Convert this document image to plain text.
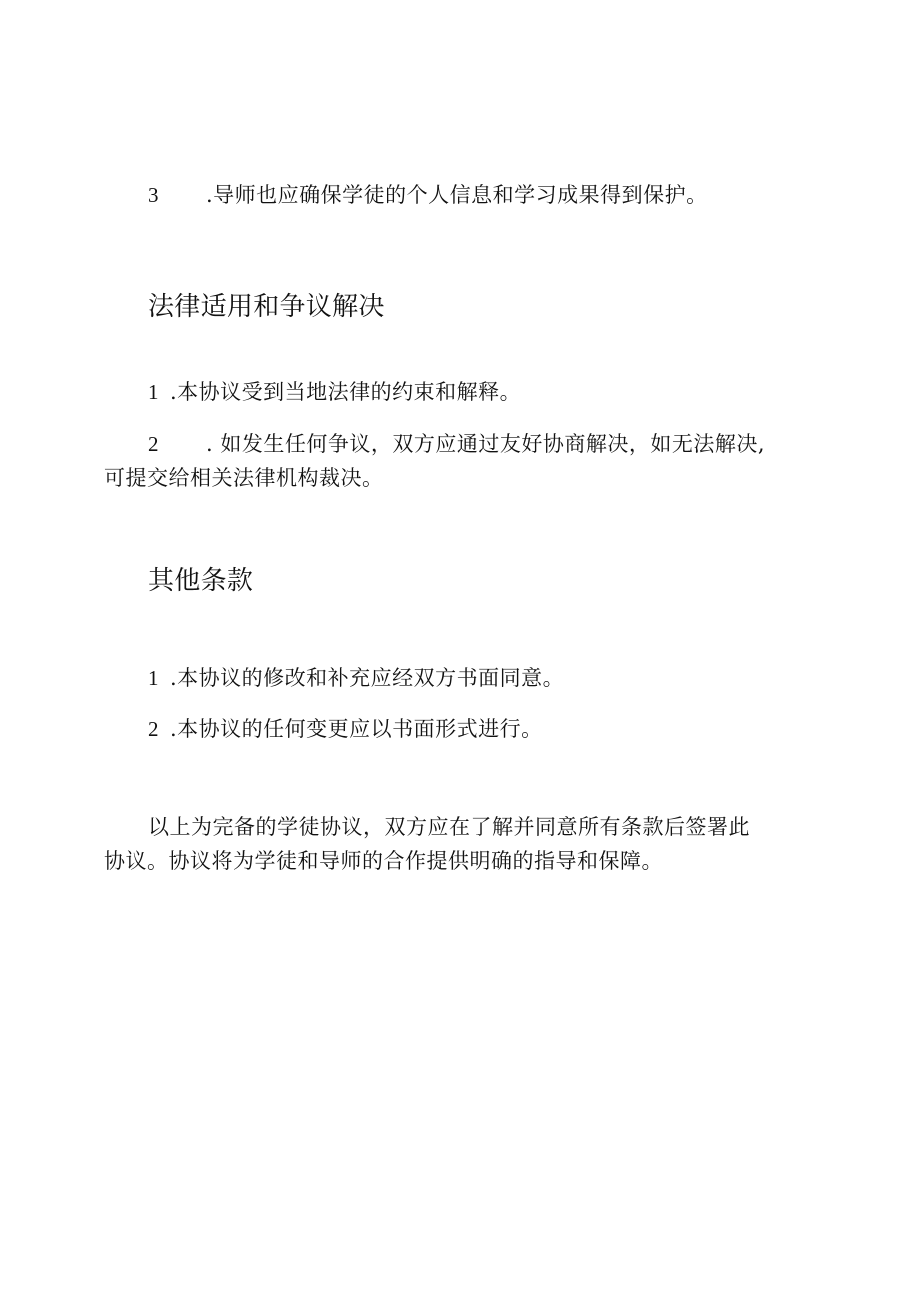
3 .导师也应确保学徒的个人信息和学习成果得到保护。
法律适用和争议解决
1 .本协议受到当地法律的约束和解释。
2 . 如发生任何争议，双方应通过友好协商解决，如无法解决,
可提交给相关法律机构裁决。
其他条款
1 .本协议的修改和补充应经双方书面同意。
2 .本协议的任何变更应以书面形式进行。
以上为完备的学徒协议，双方应在了解并同意所有条款后签署此
协议。协议将为学徒和导师的合作提供明确的指导和保障。
